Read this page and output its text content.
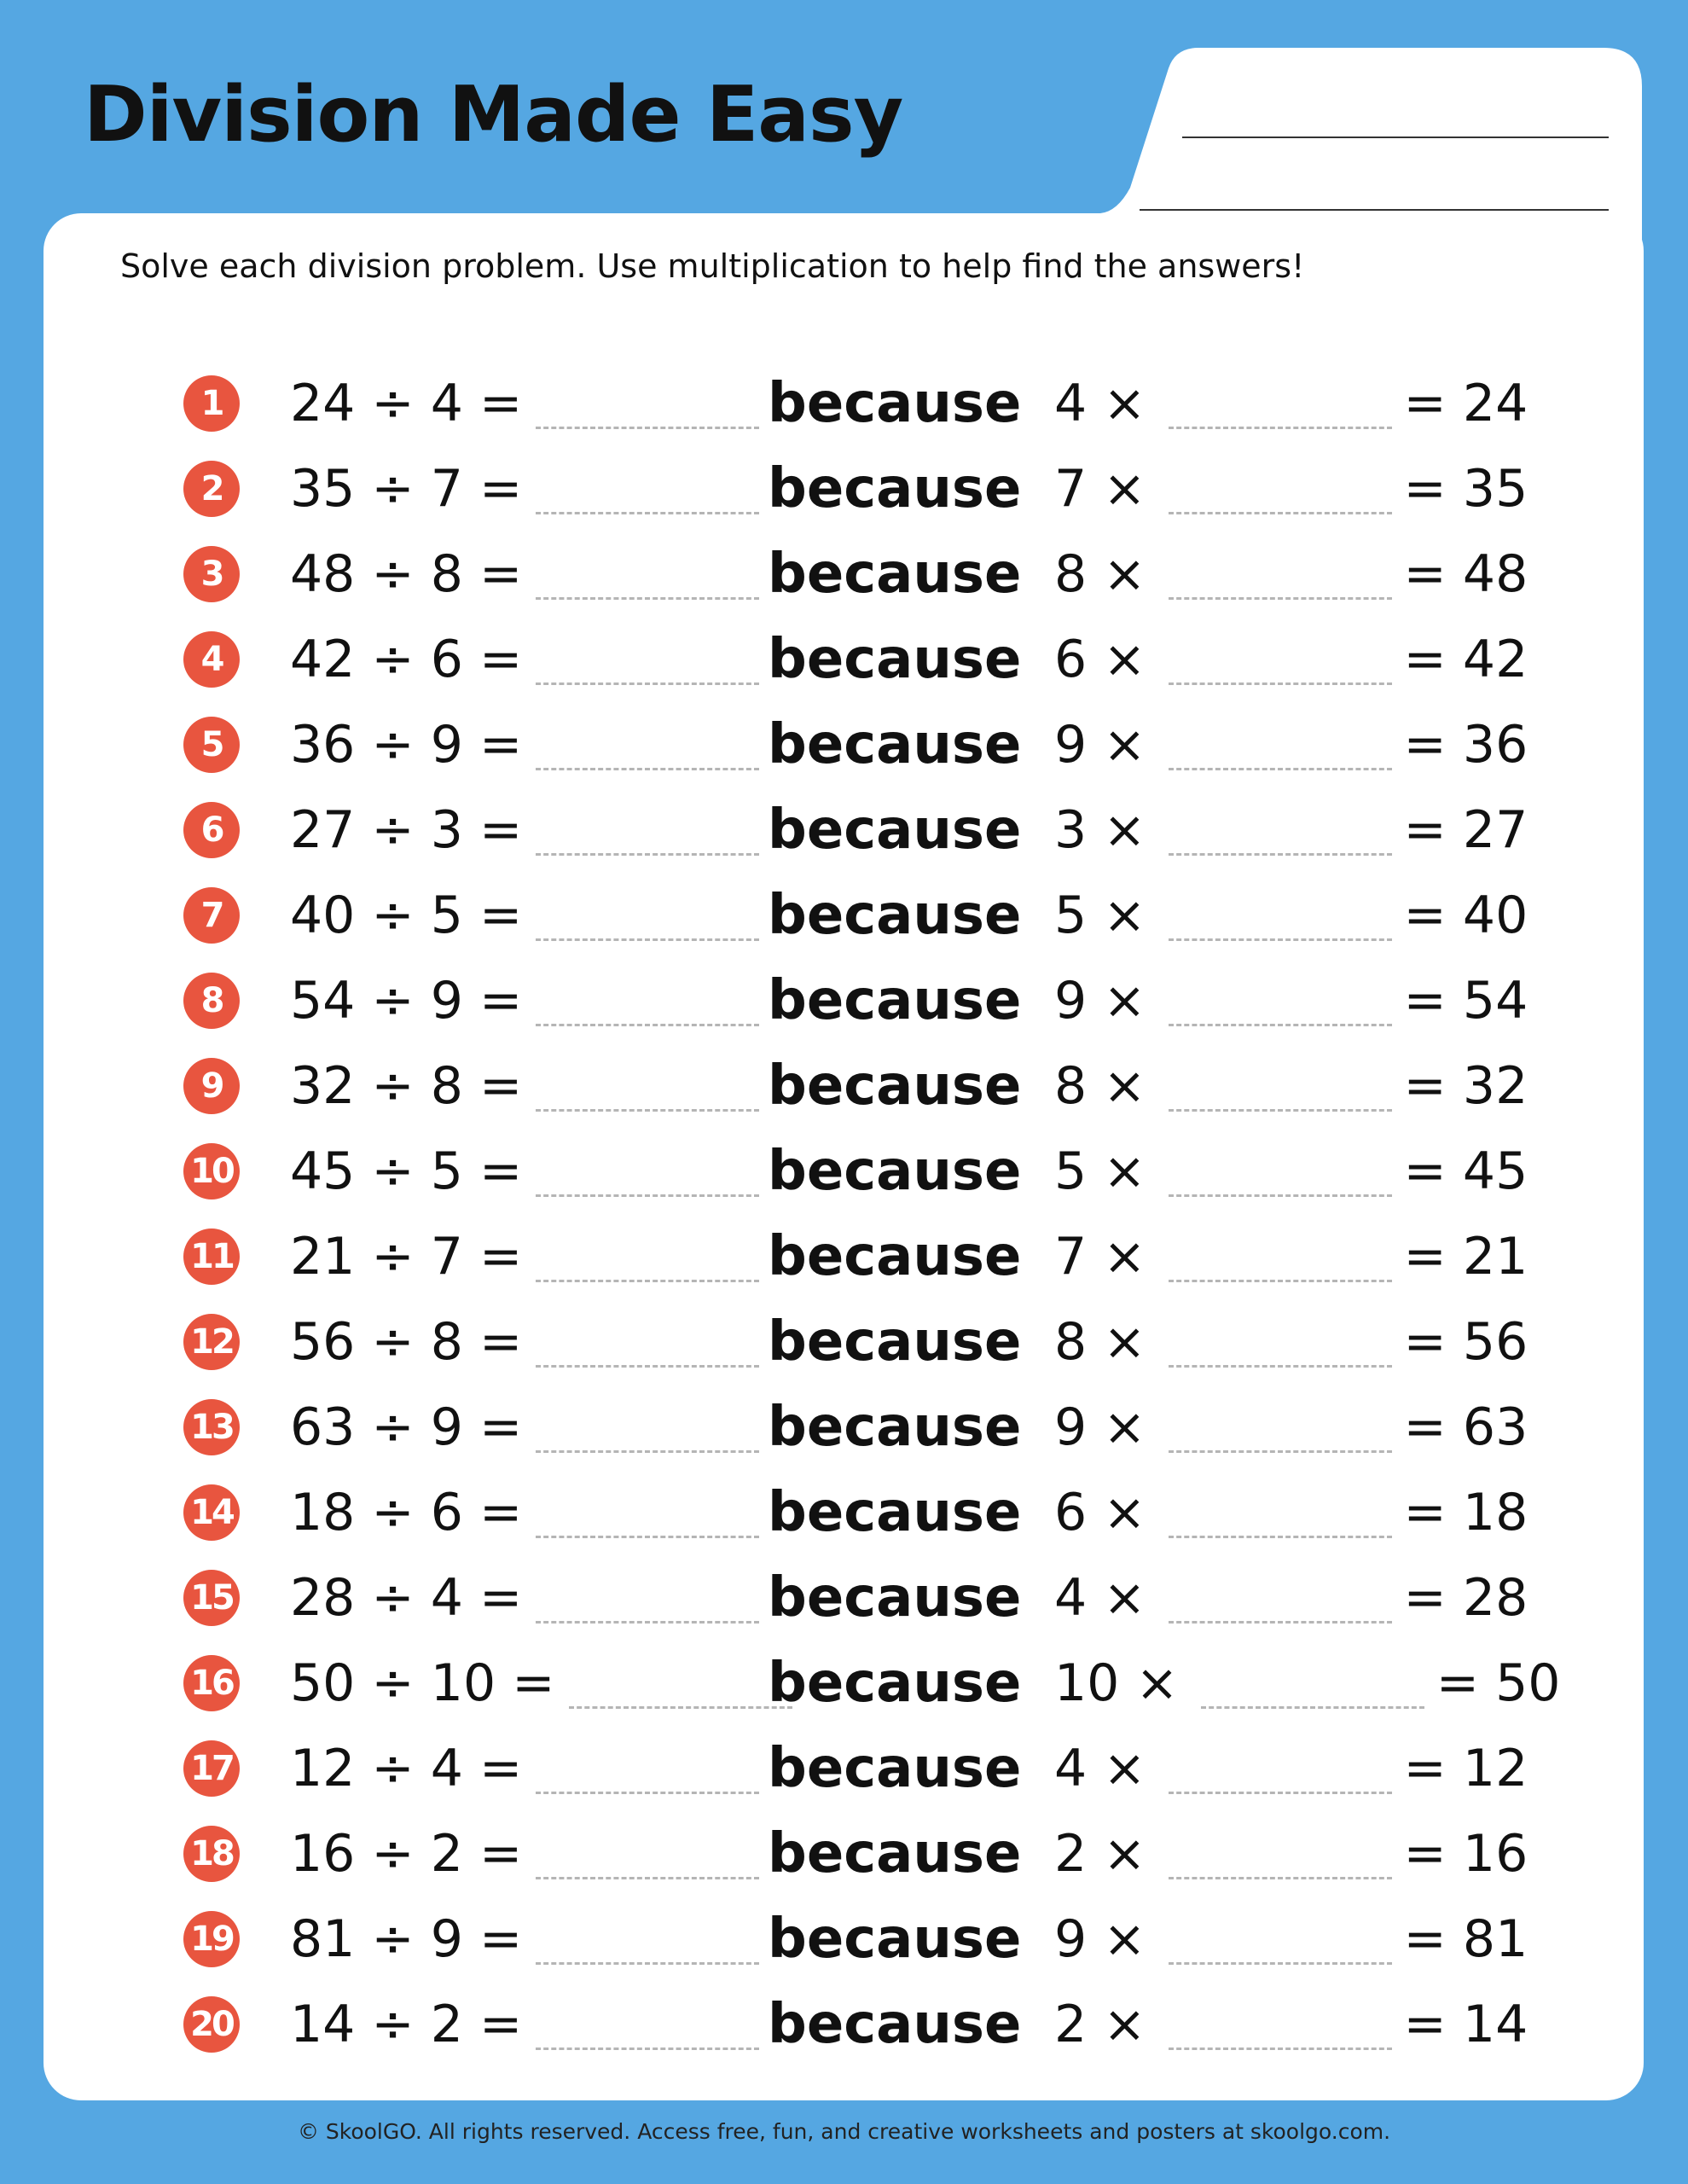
Division Made Easy
Solve each division problem. Use multiplication to help find the answers!
1	24 ÷ 4 =	because 4 ×	= 24
2	35 ÷ 7 =	because 7 ×	= 35
3	48 ÷ 8 =	because 8 ×	= 48
4	42 ÷ 6 =	because 6 ×	= 42
5	36 ÷ 9 =	because 9 ×	= 36
6	27 ÷ 3 =	because 3 ×	= 27
7	40 ÷ 5 =	because 5 ×	= 40
8	54 ÷ 9 =	because 9 ×	= 54
9	32 ÷ 8 =	because 8 ×	= 32
10 45 ÷ 5 =	because 5 ×	= 45
11 21 ÷ 7 =	because 7 ×	= 21
12 56 ÷ 8 =	because 8 ×	= 56
13 63 ÷ 9 =	because 9 ×	= 63
14 18 ÷ 6 =	because 6 ×	= 18
15 28 ÷ 4 =	because 4 ×	= 28
16 50 ÷ 10 =	because 10 ×	= 50
17 12 ÷ 4 =	because 4 ×	= 12
18 16 ÷ 2 =	because 2 ×	= 16
19 81 ÷ 9 =	because 9 ×	= 81
20 14 ÷ 2 =	because 2 ×	= 14
© SkoolGO. All rights reserved. Access free, fun, and creative worksheets and posters at skoolgo.com.
